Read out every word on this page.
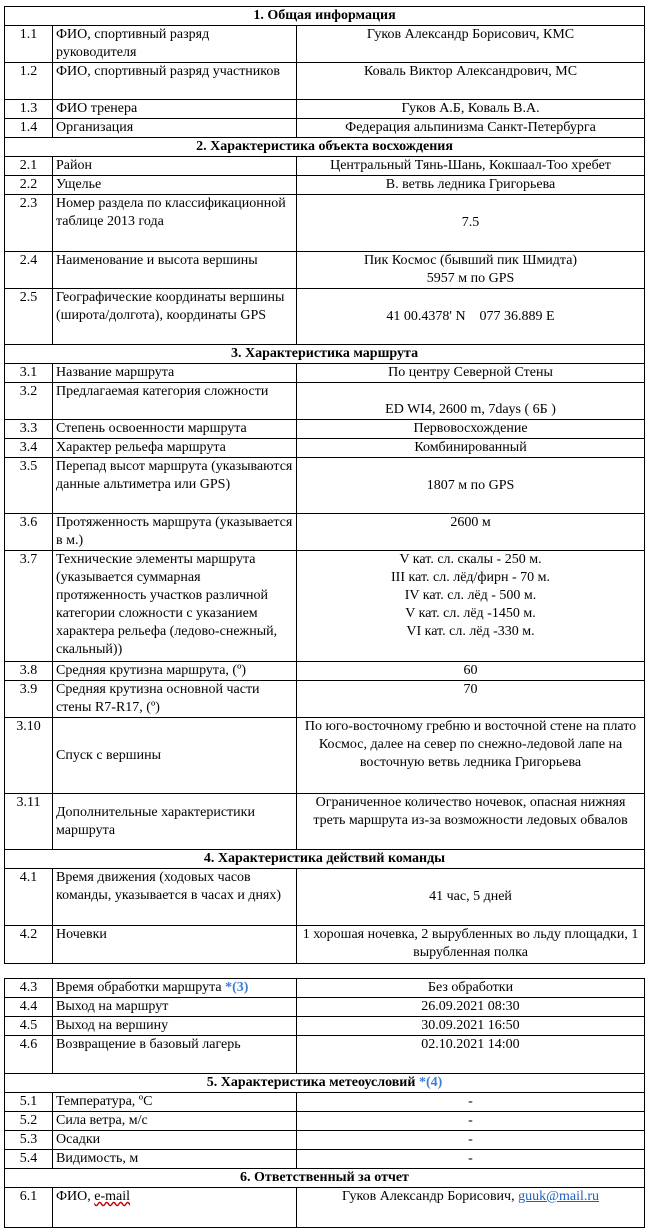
1. Общая информация		
1.1	ФИО, спортивный разряд руководителя	Гуков Александр Борисович, КМС
1.2	ФИО, спортивный разряд участников	Коваль Виктор Александрович, МС
1.3	ФИО тренера	Гуков А.Б, Коваль В.А.
1.4	Организация	Федерация альпинизма Санкт-Петербурга
2. Характеристика объекта восхождения		
2.1	Район	Центральный Тянь-Шань, Кокшаал-Тоо хребет
2.2	Ущелье	В. ветвь ледника Григорьева
2.3	Номер раздела по классификационной таблице 2013 года	7.5
2.4	Наименование и высота вершины	Пик Космос (бывший пик Шмидта)
5957 м по GPS

2.5	Географические координаты вершины (широта/долгота), координаты GPS	41 00.4378' N    077 36.889 E
3. Характеристика маршрута		
3.1	Название маршрута	По центру Северной Стены
3.2	Предлагаемая категория сложности	ED WI4, 2600 m, 7days ( 6Б )
3.3	Степень освоенности маршрута	Первовосхождение
3.4	Характер рельефа маршрута	Комбинированный
3.5	Перепад высот маршрута (указываются данные альтиметра или GPS)	1807 м по GPS
3.6	Протяженность маршрута (указывается в м.)	2600 м
3.7	Технические элементы маршрута (указывается суммарная протяженность участков различной категории сложности с указанием характера рельефа (ледово-снежный, скальный))	V кат. сл. скалы - 250 м.
III кат. сл. лёд/фирн - 70 м.
IV кат. сл. лёд - 500 м.
V кат. сл. лёд -1450 м.
VI кат. сл. лёд -330 м.

3.8	Средняя крутизна маршрута, (º)	60
3.9	Средняя крутизна основной части стены R7-R17, (º)	70
3.10	Спуск с вершины	По юго-восточному гребню и восточной стене на плато Космос, далее на север по снежно-ледовой лапе на восточную ветвь ледника Григорьева
3.11	Дополнительные характеристики маршрута	Ограниченное количество ночевок, опасная нижняя треть маршрута из-за возможности ледовых обвалов
4. Характеристика действий команды		
4.1	Время движения (ходовых часов команды, указывается в часах и днях)	41 час, 5 дней
4.2	Ночевки	1 хорошая ночевка, 2 вырубленных во льду площадки, 1 вырубленная полка
4.3	Время обработки маршрута *(3)	Без обработки
4.4	Выход на маршрут	26.09.2021 08:30
4.5	Выход на вершину	30.09.2021 16:50
4.6	Возвращение в базовый лагерь	02.10.2021 14:00
5. Характеристика метеоусловий *(4)		
5.1	Температура, ºC	-
5.2	Сила ветра, м/с	-
5.3	Осадки	-
5.4	Видимость, м	-
6. Ответственный за отчет		
6.1	ФИО, e-mail	Гуков Александр Борисович, guuk@mail.ru
